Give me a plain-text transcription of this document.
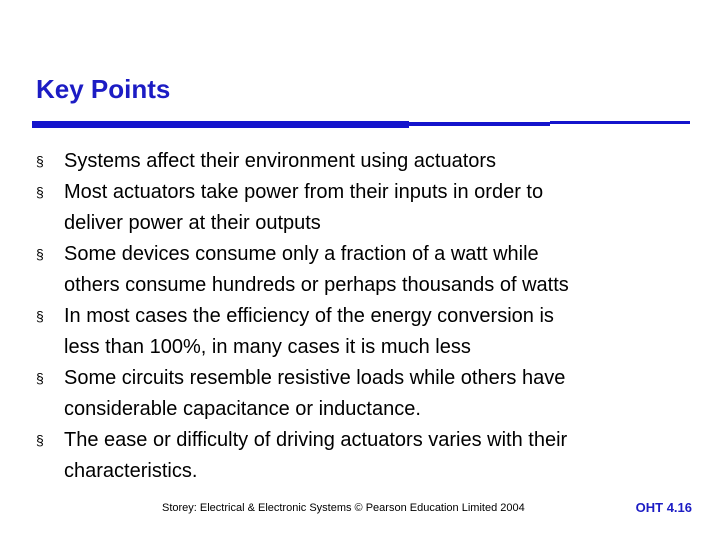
Key Points
§ Systems affect their environment using actuators
§ Most actuators take power from their inputs in order to
deliver power at their outputs
§ Some devices consume only a fraction of a watt while
others consume hundreds or perhaps thousands of watts
§ In most cases the efficiency of the energy conversion is
less than 100%, in many cases it is much less
§ Some circuits resemble resistive loads while others have
considerable capacitance or inductance.
§ The ease or difficulty of driving actuators varies with their
characteristics.
Storey: Electrical & Electronic Systems © Pearson Education Limited 2004	OHT 4.16
